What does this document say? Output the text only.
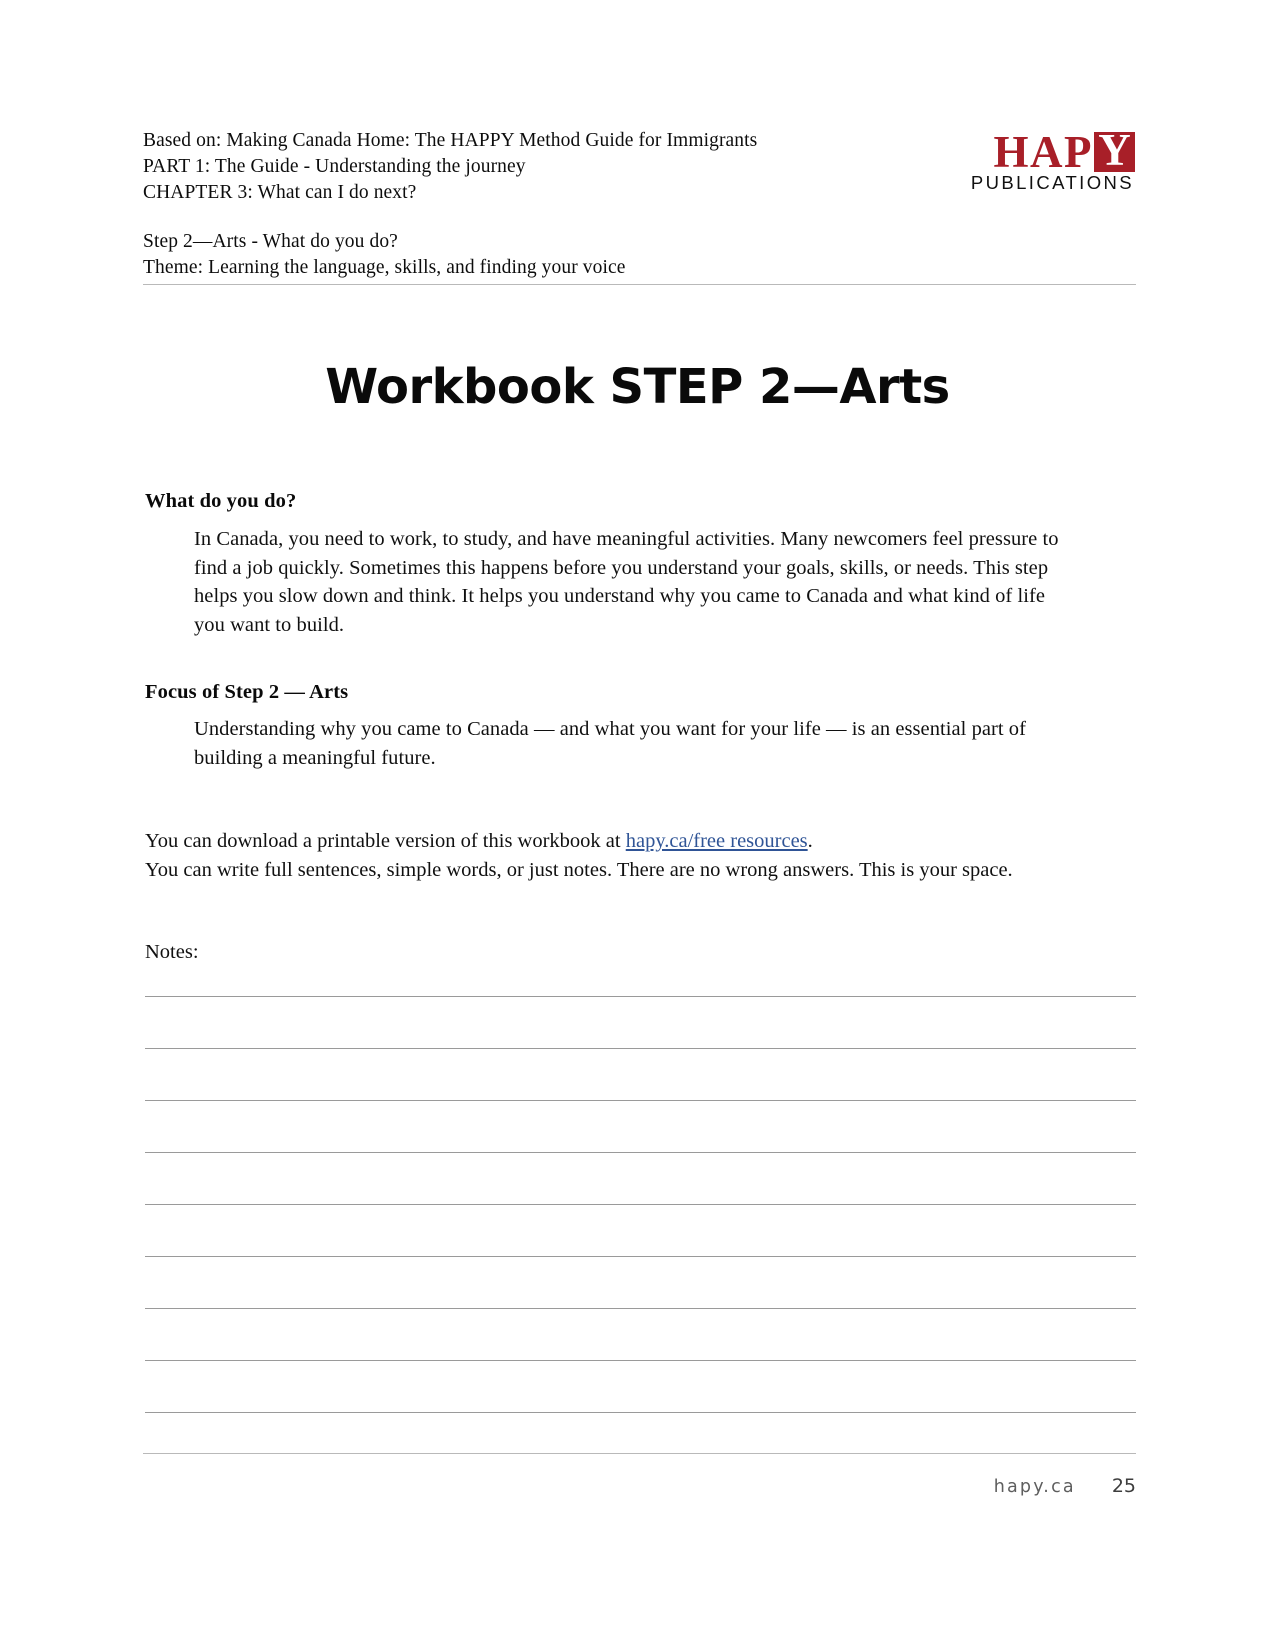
Based on: Making Canada Home: The HAPPY Method Guide for Immigrants
PART 1: The Guide - Understanding the journey
CHAPTER 3: What can I do next?
Step 2—Arts - What do you do?
Theme: Learning the language, skills, and finding your voice
HAP Y
PUBLICATIONS
Workbook STEP 2—Arts
What do you do?
In Canada, you need to work, to study, and have meaningful activities. Many newcomers feel pressure to find a job quickly. Sometimes this happens before you understand your goals, skills, or needs. This step helps you slow down and think. It helps you understand why you came to Canada and what kind of life you want to build.
Focus of Step 2 — Arts
Understanding why you came to Canada — and what you want for your life — is an essential part of building a meaningful future.
You can download a printable version of this workbook at hapy.ca/free resources.
You can write full sentences, simple words, or just notes. There are no wrong answers. This is your space.
Notes:
hapy.ca 25
